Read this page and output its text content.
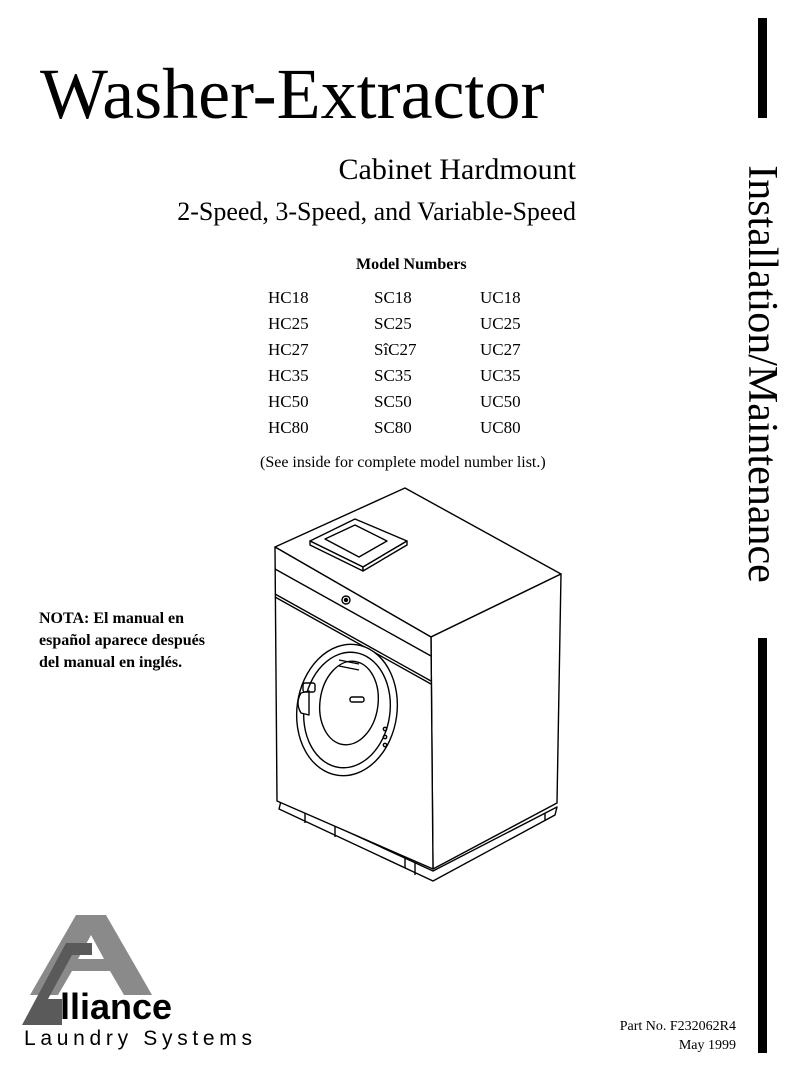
Washer-Extractor
Cabinet Hardmount
2-Speed, 3-Speed, and Variable-Speed
Model Numbers
HC18	SC18	UC18
HC25	SC25	UC25
HC27	SîC27	UC27
HC35	SC35	UC35
HC50	SC50	UC50
HC80	SC80	UC80
(See inside for complete model number list.)
NOTA: El manual en
español aparece después
del manual en inglés.
Installation/Maintenance
lliance
Laundry Systems
Part No. F232062R4
May 1999
